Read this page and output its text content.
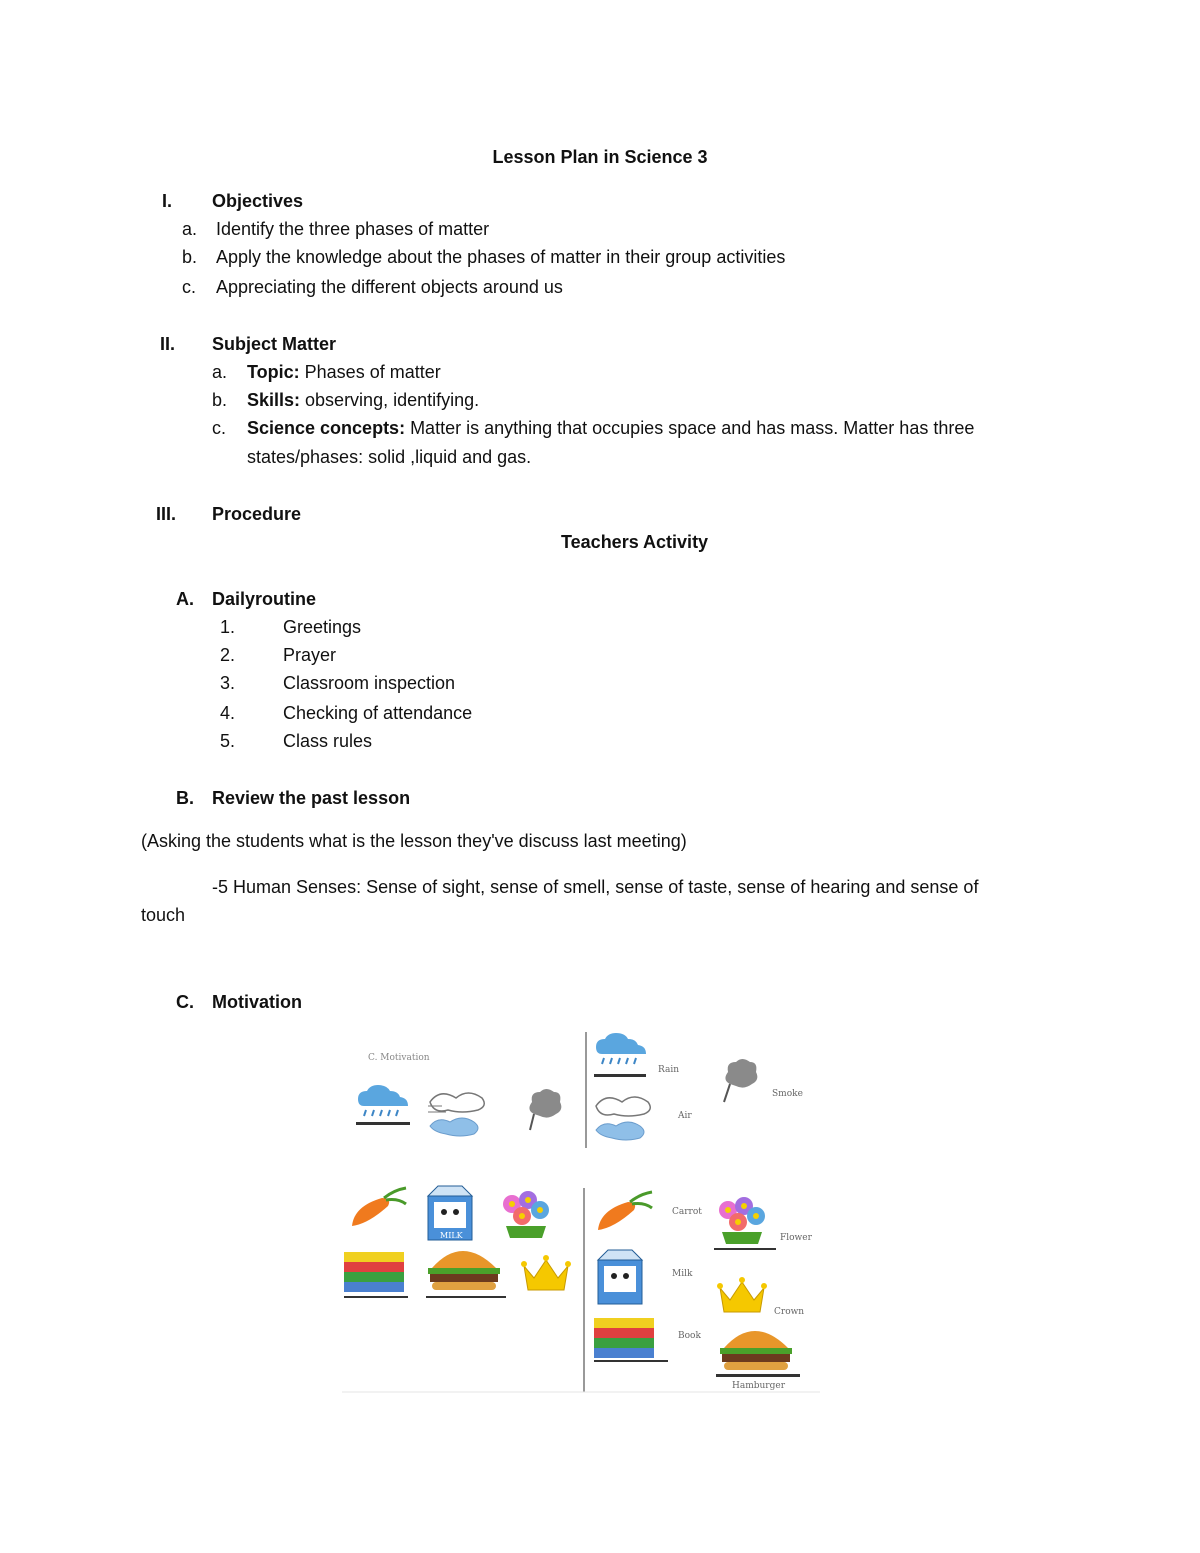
Lesson Plan in Science 3
I. Objectives
a. Identify the three phases of matter
b. Apply the knowledge about the phases of matter in their group activities
c. Appreciating the different objects around us
II. Subject Matter
a. Topic: Phases of matter
b. Skills: observing, identifying.
c. Science concepts: Matter is anything that occupies space and has mass. Matter has three
states/phases: solid ,liquid and gas.
III. Procedure
Teachers Activity
A. Dailyroutine
1.	Greetings
2.	Prayer
3.	Classroom inspection
4.	Checking of attendance
5.	Class rules
B. Review the past lesson
(Asking the students what is the lesson they've discuss last meeting)
-5 Human Senses: Sense of sight, sense of smell, sense of taste, sense of hearing and sense of
touch
C. Motivation
C. Motivation
Rain
Air
Smoke
MILK
Carrot
Flower
Milk
Crown
Book
Hamburger
